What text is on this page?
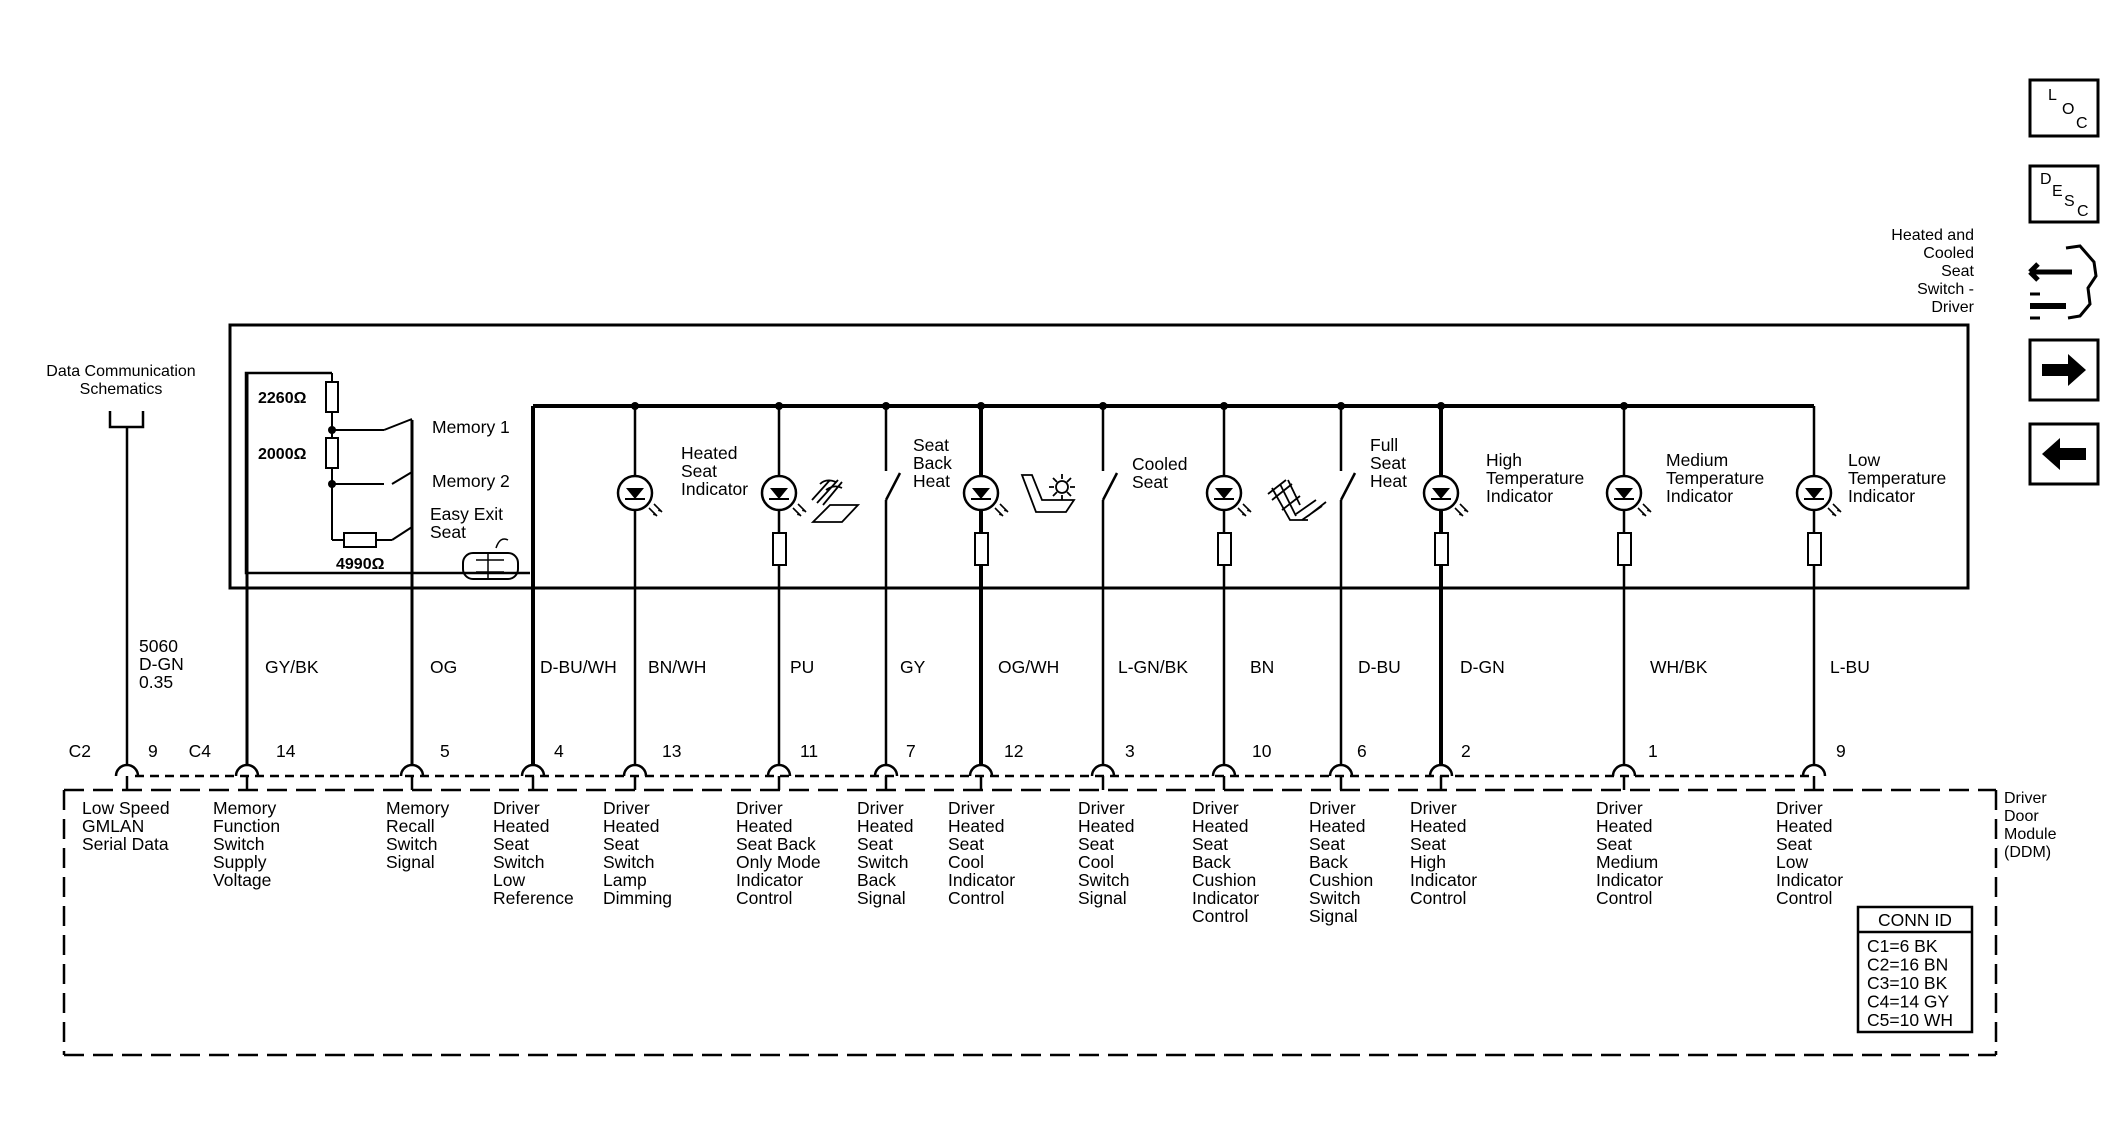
2260Ω
2000Ω
4990Ω
Memory 1
Memory 2
Easy Exit
Seat
Data Communication
Schematics
5060
D-GN
0.35
Heated and
Cooled
Seat
Switch -
Driver
Driver
Door
Module
(DDM)
Heated
Seat
Indicator
Seat
Back
Heat
Cooled
Seat
Full
Seat
Heat
High
Temperature
Indicator
Medium
Temperature
Indicator
Low
Temperature
Indicator
GY/BK	OG	D-BU/WH BN/WH	PU	GY	OG/WH	L-GN/BK	BN	D-BU	D-GN	WH/BK	L-BU
9	14	5	4	13	11	7	12	3	10	6	2	1	9
Low Speed
GMLAN
Serial Data
Memory
Function
Switch
Supply
Voltage
Memory
Recall
Switch
Signal
Driver
Heated
Seat
Switch
Low
Reference
Driver
Heated
Seat
Switch
Lamp
Dimming
Driver
Heated
Seat Back
Only Mode
Indicator
Control
Driver
Heated
Seat
Switch
Back
Signal
Driver
Heated
Seat
Cool
Indicator
Control
Driver
Heated
Seat
Cool
Switch
Signal
Driver
Heated
Seat
Back
Cushion
Indicator
Control
Driver
Heated
Seat
Back
Cushion
Switch
Signal
Driver
Heated
Seat
High
Indicator
Control
Driver
Heated
Seat
Medium
Indicator
Control
Driver
Heated
Seat
Low
Indicator
Control
C2	C4
CONN ID
C1=6 BK
C2=16 BN
C3=10 BK
C4=14 GY
C5=10 WH
L
O
C
D
E
S
C
